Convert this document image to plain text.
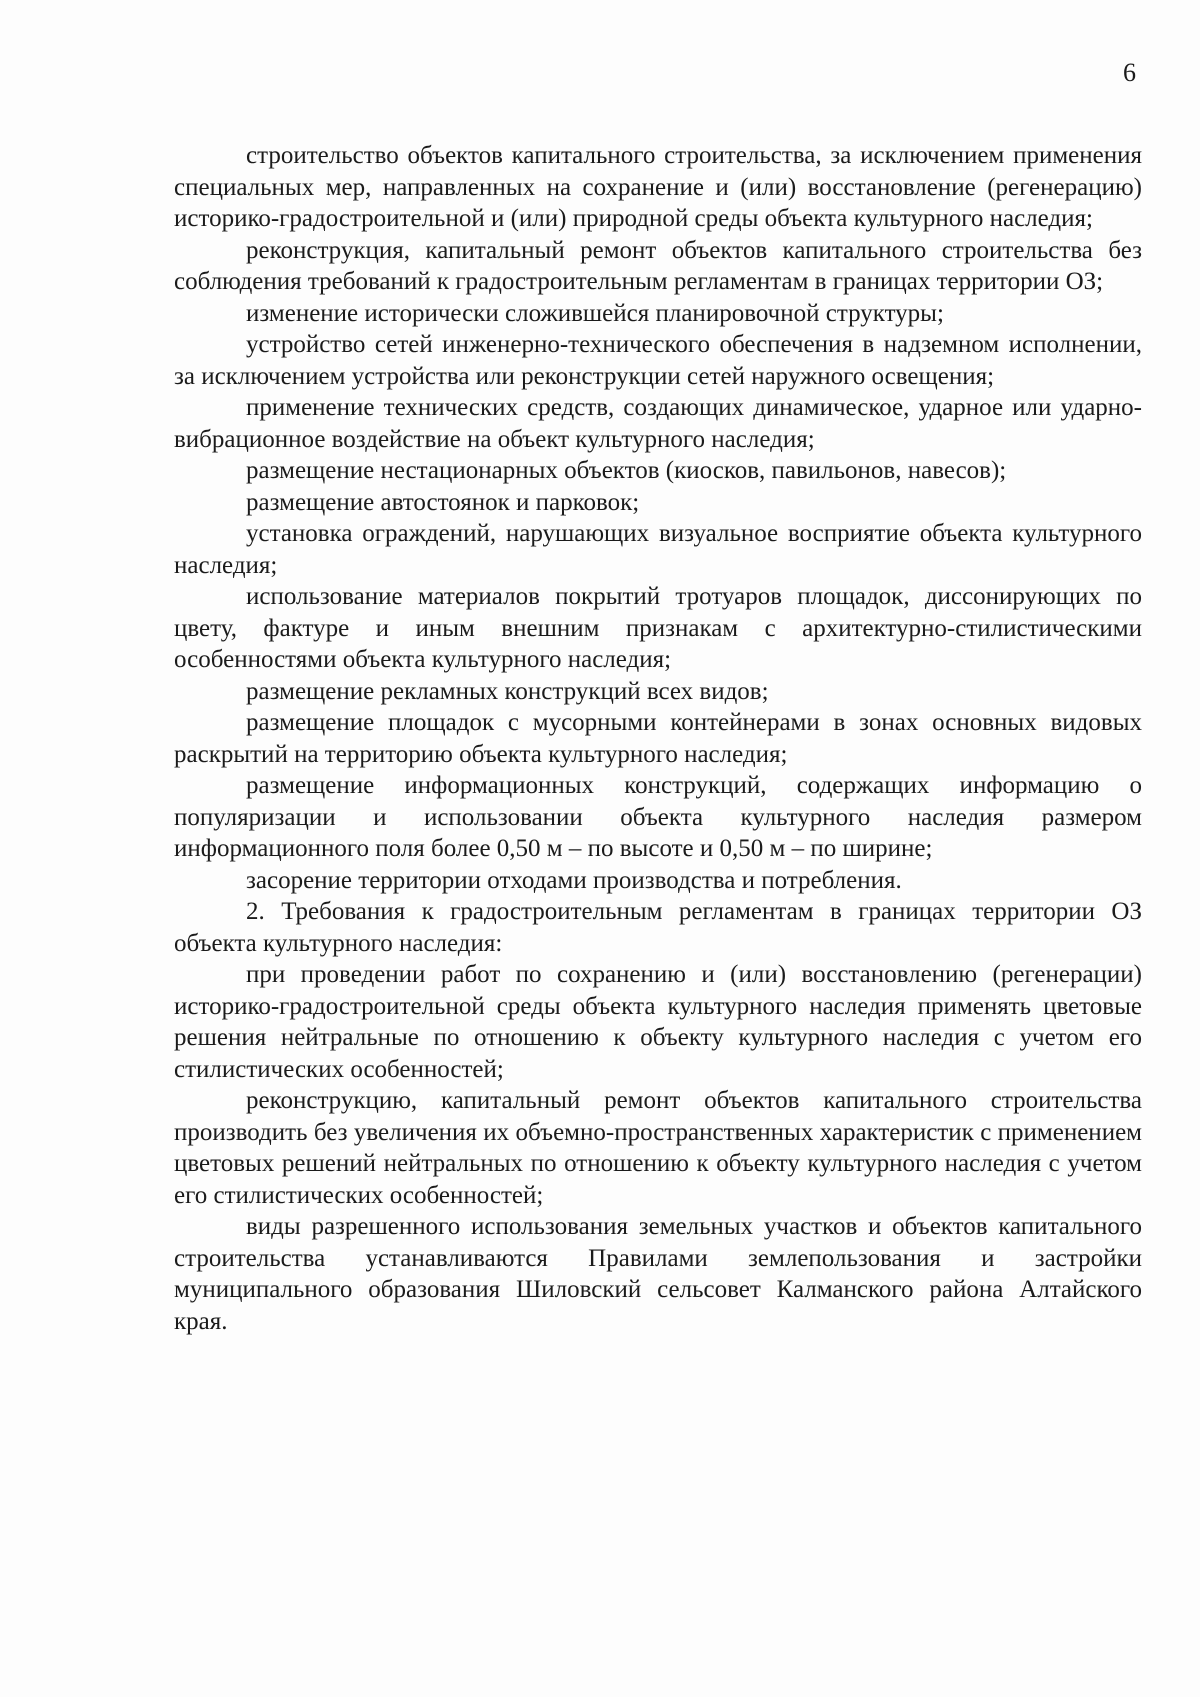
6

строительство объектов капитального строительства, за исключением применения специальных мер, направленных на сохранение и (или) восстановление (регенерацию) историко-градостроительной и (или) природной среды объекта культурного наследия;

реконструкция, капитальный ремонт объектов капитального строительства без соблюдения требований к градостроительным регламентам в границах территории ОЗ;

изменение исторически сложившейся планировочной структуры;

устройство сетей инженерно-технического обеспечения в надземном исполнении, за исключением устройства или реконструкции сетей наружного освещения;

применение технических средств, создающих динамическое, ударное или ударно-вибрационное воздействие на объект культурного наследия;

размещение нестационарных объектов (киосков, павильонов, навесов);

размещение автостоянок и парковок;

установка ограждений, нарушающих визуальное восприятие объекта культурного наследия;

использование материалов покрытий тротуаров площадок, диссонирующих по цвету, фактуре и иным внешним признакам с архитектурно-стилистическими особенностями объекта культурного наследия;

размещение рекламных конструкций всех видов;

размещение площадок с мусорными контейнерами в зонах основных видовых раскрытий на территорию объекта культурного наследия;

размещение информационных конструкций, содержащих информацию о популяризации и использовании объекта культурного наследия размером информационного поля более 0,50 м – по высоте и 0,50 м – по ширине;

засорение территории отходами производства и потребления.

2. Требования к градостроительным регламентам в границах территории ОЗ объекта культурного наследия:

при проведении работ по сохранению и (или) восстановлению (регенерации) историко-градостроительной среды объекта культурного наследия применять цветовые решения нейтральные по отношению к объекту культурного наследия с учетом его стилистических особенностей;

реконструкцию, капитальный ремонт объектов капитального строительства производить без увеличения их объемно-пространственных характеристик с применением цветовых решений нейтральных по отношению к объекту культурного наследия с учетом его стилистических особенностей;

виды разрешенного использования земельных участков и объектов капитального строительства устанавливаются Правилами землепользования и застройки муниципального образования Шиловский сельсовет Калманского района Алтайского края.
